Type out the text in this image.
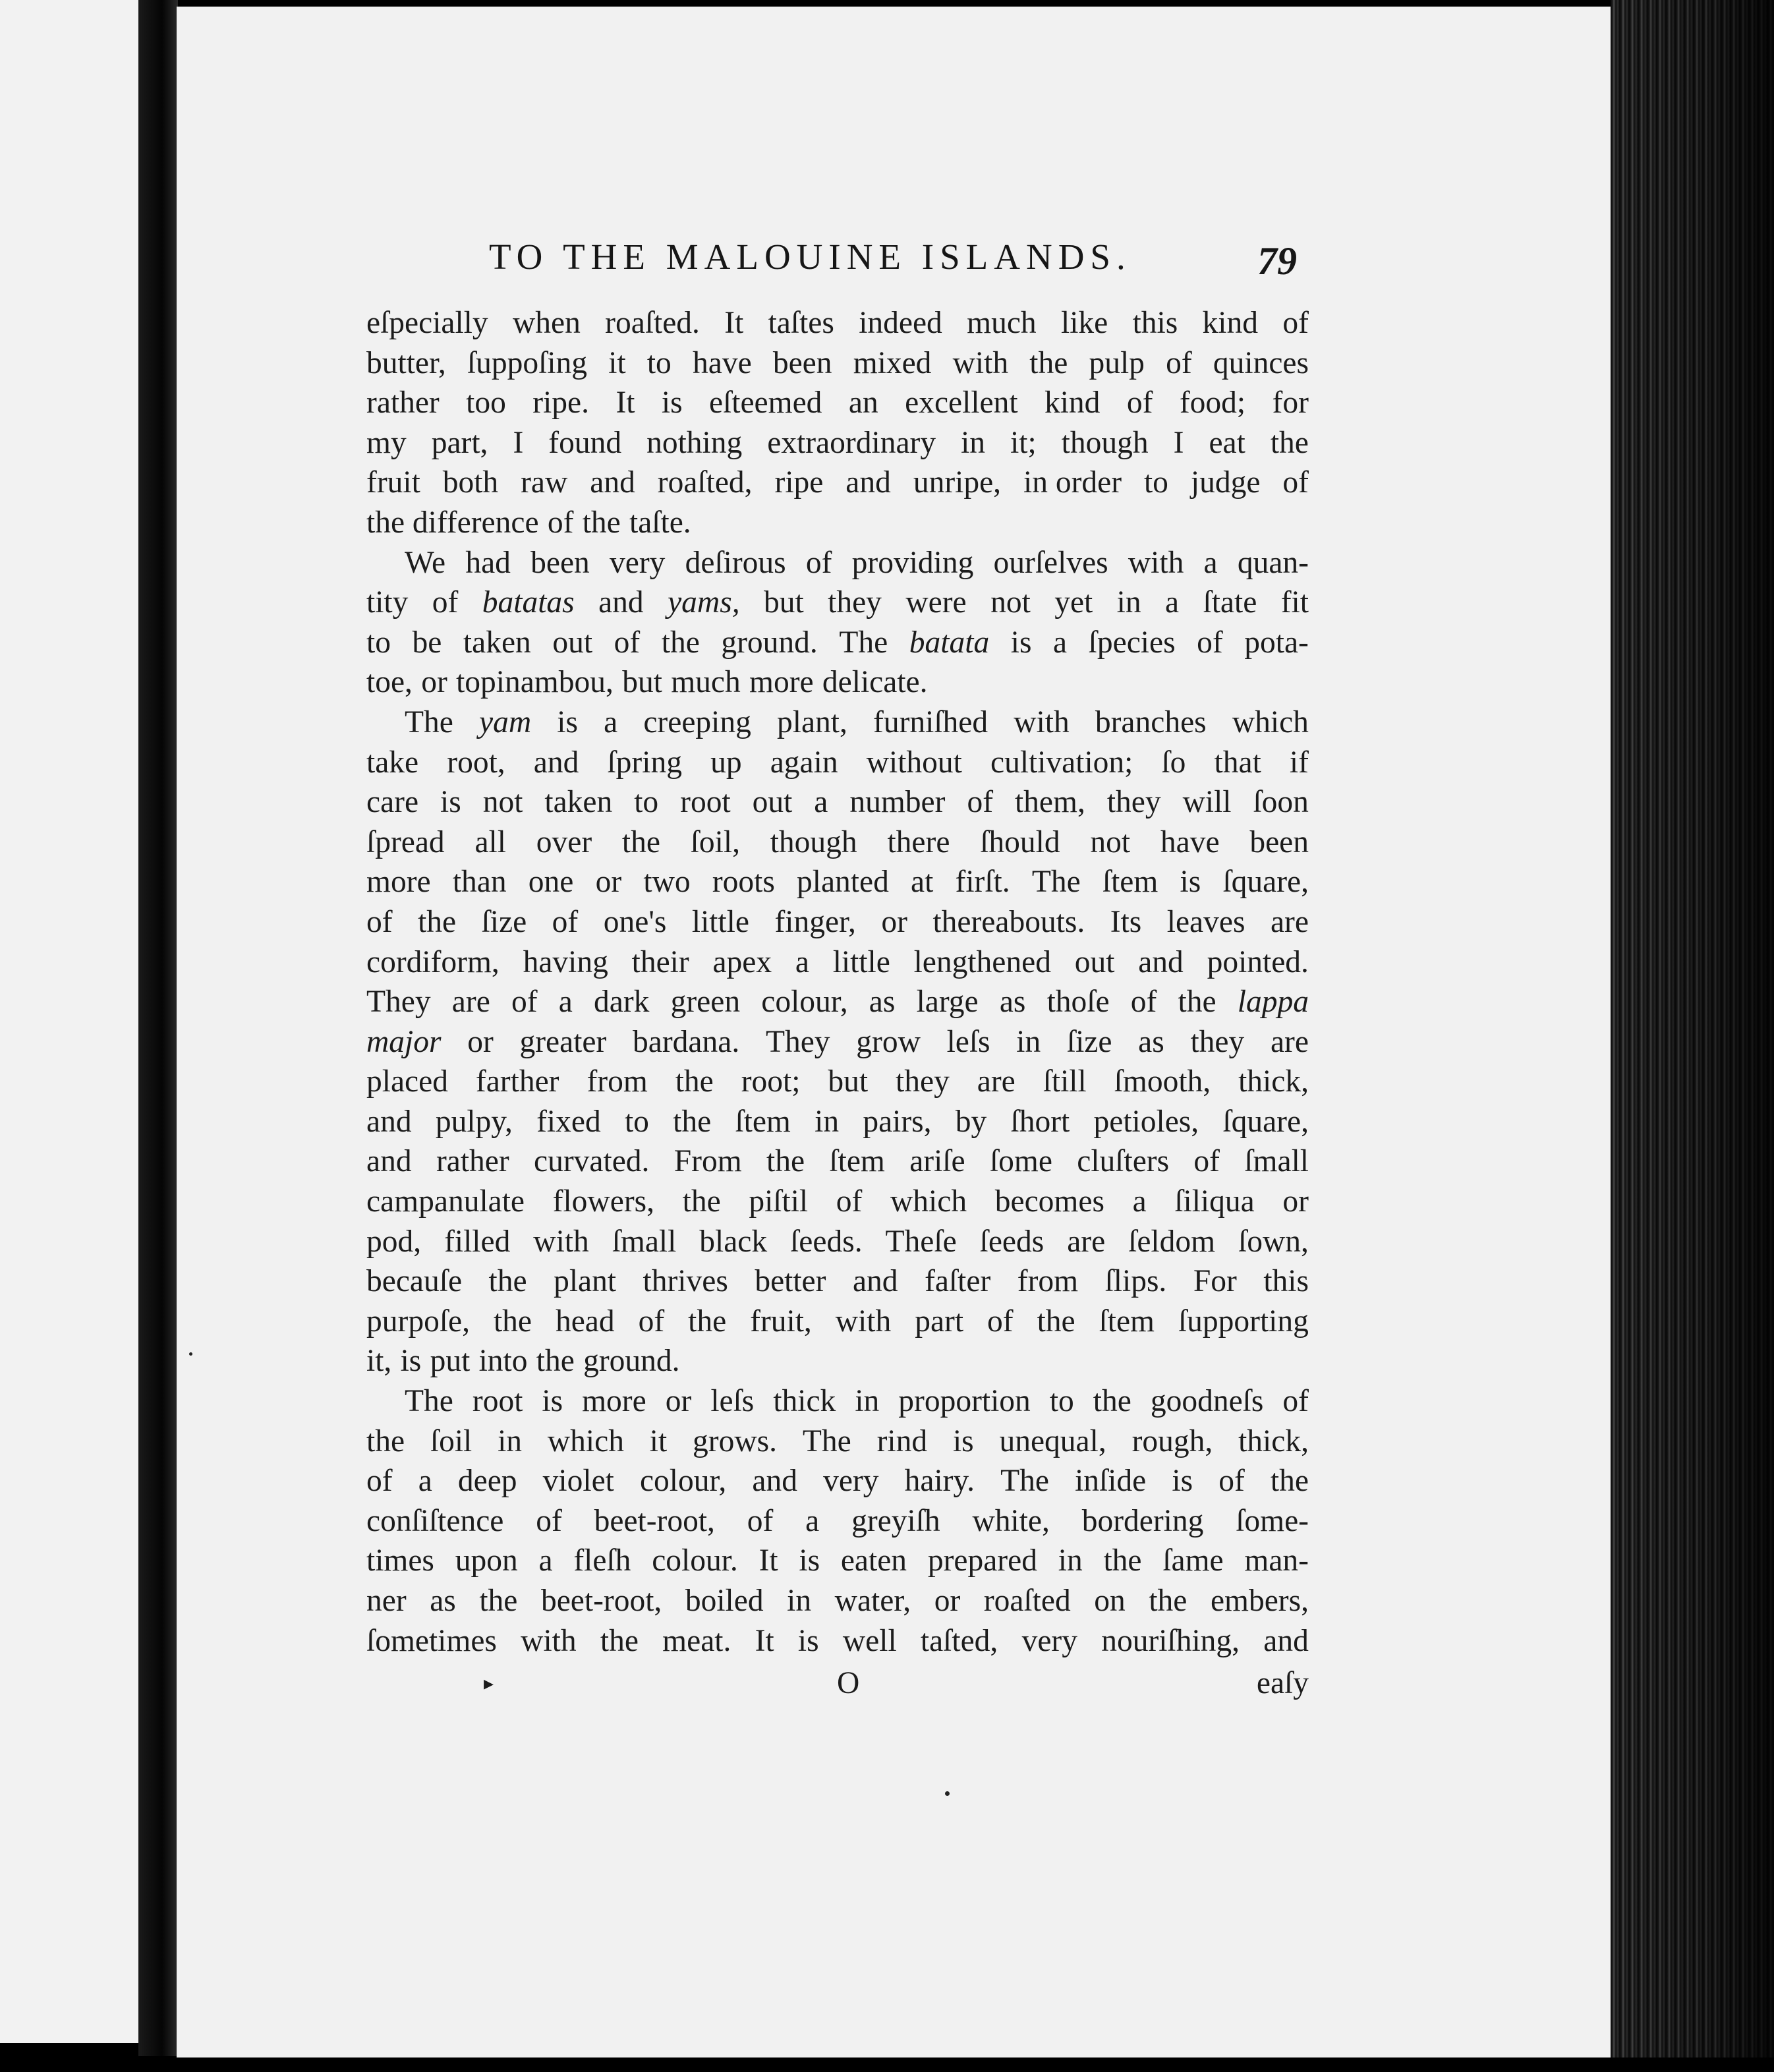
TO THE MALOUINE ISLANDS.	79
eſpecially when roaſted. It taſtes indeed much like this kind of
butter, ſuppoſing it to have been mixed with the pulp of quinces
rather too ripe. It is eſteemed an excellent kind of food; for
my part, I found nothing extraordinary in it; though I eat the
fruit both raw and roaſted, ripe and unripe, in order to judge of
the difference of the taſte.
We had been very deſirous of providing ourſelves with a quan-
tity of batatas and yams, but they were not yet in a ſtate fit
to be taken out of the ground. The batata is a ſpecies of pota-
toe, or topinambou, but much more delicate.
The yam is a creeping plant, furniſhed with branches which
take root, and ſpring up again without cultivation; ſo that if
care is not taken to root out a number of them, they will ſoon
ſpread all over the ſoil, though there ſhould not have been
more than one or two roots planted at firſt. The ſtem is ſquare,
of the ſize of one's little finger, or thereabouts. Its leaves are
cordiform, having their apex a little lengthened out and pointed.
They are of a dark green colour, as large as thoſe of the lappa
major or greater bardana. They grow leſs in ſize as they are
placed farther from the root; but they are ſtill ſmooth, thick,
and pulpy, fixed to the ſtem in pairs, by ſhort petioles, ſquare,
and rather curvated. From the ſtem ariſe ſome cluſters of ſmall
campanulate flowers, the piſtil of which becomes a ſiliqua or
pod, filled with ſmall black ſeeds. Theſe ſeeds are ſeldom ſown,
becauſe the plant thrives better and faſter from ſlips. For this
purpoſe, the head of the fruit, with part of the ſtem ſupporting
it, is put into the ground.
The root is more or leſs thick in proportion to the goodneſs of
the ſoil in which it grows. The rind is unequal, rough, thick,
of a deep violet colour, and very hairy. The inſide is of the
conſiſtence of beet-root, of a greyiſh white, bordering ſome-
times upon a fleſh colour. It is eaten prepared in the ſame man-
ner as the beet-root, boiled in water, or roaſted on the embers,
ſometimes with the meat. It is well taſted, very nouriſhing, and
▸	O	eaſy
